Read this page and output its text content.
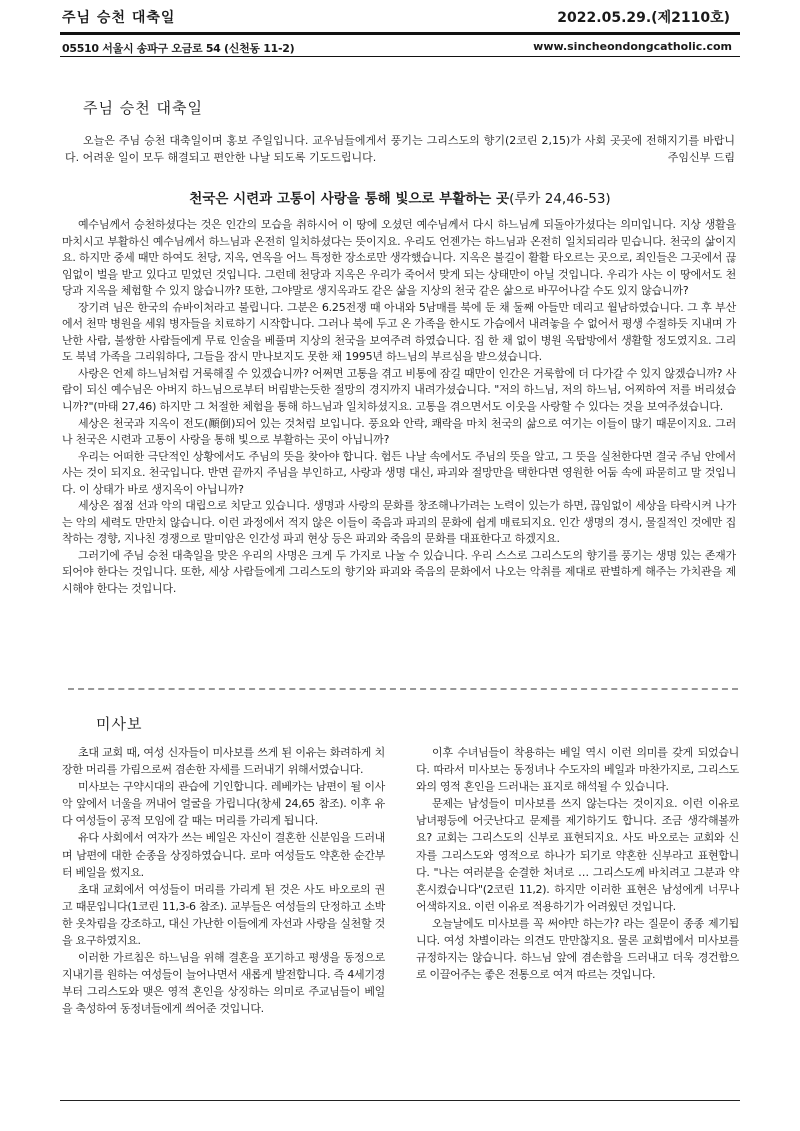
주님 승천 대축일	2022.05.29.(제2110호)
05510 서울시 송파구 오금로 54 (신천동 11-2)	www.sincheondongcatholic.com
주님 승천 대축일
오늘은 주님 승천 대축일이며 홍보 주일입니다. 교우님들에게서 풍기는 그리스도의 향기(2코린 2,15)가 사회 곳곳에 전해지기를 바랍니다. 어려운 일이 모두 해결되고 편안한 나날 되도록 기도드립니다.	주임신부 드림
천국은 시련과 고통이 사랑을 통해 빛으로 부활하는 곳(루카 24,46-53)

예수님께서 승천하셨다는 것은 인간의 모습을 취하시어 이 땅에 오셨던 예수님께서 다시 하느님께 되돌아가셨다는 의미입니다. 지상 생활을 마치시고 부활하신 예수님께서 하느님과 온전히 일치하셨다는 뜻이지요. 우리도 언젠가는 하느님과 온전히 일치되리라 믿습니다. 천국의 삶이지요. 하지만 중세 때만 하여도 천당, 지옥, 연옥을 어느 특정한 장소로만 생각했습니다. 지옥은 불길이 활활 타오르는 곳으로, 죄인들은 그곳에서 끊임없이 벌을 받고 있다고 믿었던 것입니다. 그런데 천당과 지옥은 우리가 죽어서 맞게 되는 상태만이 아닐 것입니다. 우리가 사는 이 땅에서도 천당과 지옥을 체험할 수 있지 않습니까? 또한, 그야말로 생지옥과도 같은 삶을 지상의 천국 같은 삶으로 바꾸어나갈 수도 있지 않습니까?

장기려 님은 한국의 슈바이처라고 불립니다. 그분은 6.25전쟁 때 아내와 5남매를 북에 둔 채 둘째 아들만 데리고 월남하였습니다. 그 후 부산에서 천막 병원을 세워 병자들을 치료하기 시작합니다. 그러나 북에 두고 온 가족을 한시도 가슴에서 내려놓을 수 없어서 평생 수절하듯 지내며 가난한 사람, 불쌍한 사람들에게 무료 인술을 베풀며 지상의 천국을 보여주려 하였습니다. 집 한 채 없이 병원 옥탑방에서 생활할 정도였지요. 그리도 북녘 가족을 그리워하다, 그들을 잠시 만나보지도 못한 채 1995년 하느님의 부르심을 받으셨습니다.

사랑은 언제 하느님처럼 거룩해질 수 있겠습니까? 어쩌면 고통을 겪고 비통에 잠길 때만이 인간은 거룩함에 더 다가갈 수 있지 않겠습니까? 사람이 되신 예수님은 아버지 하느님으로부터 버림받는듯한 절망의 경지까지 내려가셨습니다. "저의 하느님, 저의 하느님, 어찌하여 저를 버리셨습니까?"(마태 27,46) 하지만 그 처절한 체험을 통해 하느님과 일치하셨지요. 고통을 겪으면서도 이웃을 사랑할 수 있다는 것을 보여주셨습니다.

세상은 천국과 지옥이 전도(顚倒)되어 있는 것처럼 보입니다. 풍요와 안락, 쾌락을 마치 천국의 삶으로 여기는 이들이 많기 때문이지요. 그러나 천국은 시련과 고통이 사랑을 통해 빛으로 부활하는 곳이 아닙니까?

우리는 어떠한 극단적인 상황에서도 주님의 뜻을 찾아야 합니다. 험든 나날 속에서도 주님의 뜻을 알고, 그 뜻을 실천한다면 결국 주님 안에서 사는 것이 되지요. 천국입니다. 반면 끝까지 주님을 부인하고, 사랑과 생명 대신, 파괴와 절망만을 택한다면 영원한 어둠 속에 파묻히고 말 것입니다. 이 상태가 바로 생지옥이 아닙니까?

세상은 점점 선과 악의 대립으로 치닫고 있습니다. 생명과 사랑의 문화를 창조해나가려는 노력이 있는가 하면, 끊임없이 세상을 타락시켜 나가는 악의 세력도 만만치 않습니다. 이런 과정에서 적지 않은 이들이 죽음과 파괴의 문화에 쉽게 매료되지요. 인간 생명의 경시, 물질적인 것에만 집착하는 경향, 지나친 경쟁으로 말미암은 인간성 파괴 현상 등은 파괴와 죽음의 문화를 대표한다고 하겠지요.

그러기에 주님 승천 대축일을 맞은 우리의 사명은 크게 두 가지로 나눌 수 있습니다. 우리 스스로 그리스도의 향기를 풍기는 생명 있는 존재가 되어야 한다는 것입니다. 또한, 세상 사람들에게 그리스도의 향기와 파괴와 죽음의 문화에서 나오는 악취를 제대로 판별하게 해주는 가치관을 제시해야 한다는 것입니다.

미사보

초대 교회 때, 여성 신자들이 미사보를 쓰게 된 이유는 화려하게 치장한 머리를 가림으로써 겸손한 자세를 드러내기 위해서였습니다.

미사보는 구약시대의 관습에 기인합니다. 레베카는 남편이 될 이사악 앞에서 너울을 꺼내어 얼굴을 가립니다(창세 24,65 참조). 이후 유다 여성들이 공적 모임에 갈 때는 머리를 가리게 됩니다.

유다 사회에서 여자가 쓰는 베일은 자신이 결혼한 신분임을 드러내며 남편에 대한 순종을 상징하였습니다. 로마 여성들도 약혼한 순간부터 베일을 썼지요.

초대 교회에서 여성들이 머리를 가리게 된 것은 사도 바오로의 권고 때문입니다(1코린 11,3-6 참조). 교부들은 여성들의 단정하고 소박한 옷차림을 강조하고, 대신 가난한 이들에게 자선과 사랑을 실천할 것을 요구하였지요.

이러한 가르침은 하느님을 위해 결혼을 포기하고 평생을 동정으로 지내기를 원하는 여성들이 늘어나면서 새롭게 발전합니다. 즉 4세기경부터 그리스도와 맺은 영적 혼인을 상징하는 의미로 주교님들이 베일을 축성하여 동정녀들에게 씌어준 것입니다.

이후 수녀님들이 착용하는 베일 역시 이런 의미를 갖게 되었습니다. 따라서 미사보는 동정녀나 수도자의 베일과 마찬가지로, 그리스도와의 영적 혼인을 드러내는 표지로 해석될 수 있습니다.

문제는 남성들이 미사보를 쓰지 않는다는 것이지요. 이런 이유로 남녀평등에 어긋난다고 문제를 제기하기도 합니다. 조금 생각해볼까요? 교회는 그리스도의 신부로 표현되지요. 사도 바오로는 교회와 신자를 그리스도와 영적으로 하나가 되기로 약혼한 신부라고 표현합니다. "나는 여러분을 순결한 처녀로 … 그리스도께 바치려고 그분과 약혼시켰습니다"(2코린 11,2). 하지만 이러한 표현은 남성에게 너무나 어색하지요. 이런 이유로 적용하기가 어려웠던 것입니다.

오늘날에도 미사보를 꼭 써야만 하는가? 라는 질문이 종종 제기됩니다. 여성 차별이라는 의견도 만만찮지요. 물론 교회법에서 미사보를 규정하지는 않습니다. 하느님 앞에 겸손함을 드러내고 더욱 경건함으로 이끌어주는 좋은 전통으로 여겨 따르는 것입니다.
